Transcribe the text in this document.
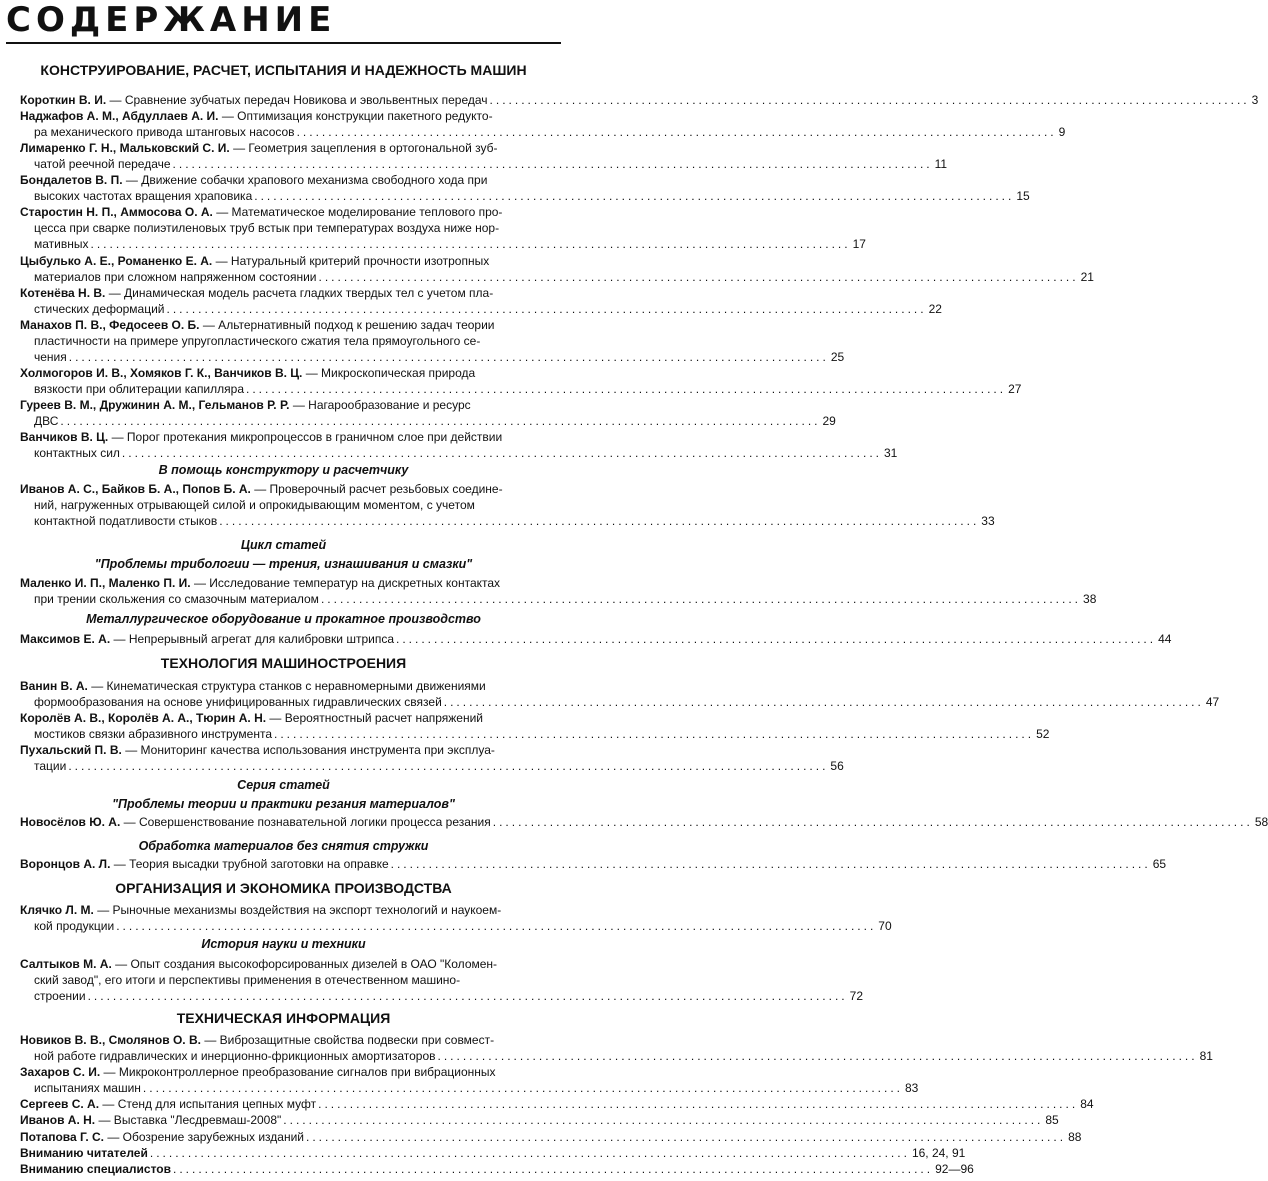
СОДЕРЖАНИЕ
КОНСТРУИРОВАНИЕ, РАСЧЕТ, ИСПЫТАНИЯ И НАДЕЖНОСТЬ МАШИН
Короткин В. И. — Сравнение зубчатых передач Новикова и эвольвентных передач ........................................................................................................................ 3
Наджафов А. М., Абдуллаев А. И. — Оптимизация конструкции пакетного редукто-
ра механического привода штанговых насосов ........................................................................................................................ 9
Лимаренко Г. Н., Мальковский С. И. — Геометрия зацепления в ортогональной зуб-
чатой реечной передаче ........................................................................................................................ 11
Бондалетов В. П. — Движение собачки храпового механизма свободного хода при
высоких частотах вращения храповика ........................................................................................................................ 15
Старостин Н. П., Аммосова О. А. — Математическое моделирование теплового про-
цесса при сварке полиэтиленовых труб встык при температурах воздуха ниже нор-
мативных ........................................................................................................................ 17
Цыбулько А. Е., Романенко Е. А. — Натуральный критерий прочности изотропных
материалов при сложном напряженном состоянии ........................................................................................................................ 21
Котенёва Н. В. — Динамическая модель расчета гладких твердых тел с учетом пла-
стических деформаций ........................................................................................................................ 22
Манахов П. В., Федосеев О. Б. — Альтернативный подход к решению задач теории
пластичности на примере упругопластического сжатия тела прямоугольного се-
чения ........................................................................................................................ 25
Холмогоров И. В., Хомяков Г. К., Ванчиков В. Ц. — Микроскопическая природа
вязкости при облитерации капилляра ........................................................................................................................ 27
Гуреев В. М., Дружинин А. М., Гельманов Р. Р. — Нагарообразование и ресурс
ДВС ........................................................................................................................ 29
Ванчиков В. Ц. — Порог протекания микропроцессов в граничном слое при действии
контактных сил ........................................................................................................................ 31
В помощь конструктору и расчетчику
Иванов А. С., Байков Б. А., Попов Б. А. — Проверочный расчет резьбовых соедине-
ний, нагруженных отрывающей силой и опрокидывающим моментом, с учетом
контактной податливости стыков ........................................................................................................................ 33
Цикл статей
"Проблемы трибологии — трения, изнашивания и смазки"
Маленко И. П., Маленко П. И. — Исследование температур на дискретных контактах
при трении скольжения со смазочным материалом ........................................................................................................................ 38
Металлургическое оборудование и прокатное производство
Максимов Е. А. — Непрерывный агрегат для калибровки штрипса ........................................................................................................................ 44
ТЕХНОЛОГИЯ МАШИНОСТРОЕНИЯ
Ванин В. А. — Кинематическая структура станков с неравномерными движениями
формообразования на основе унифицированных гидравлических связей ........................................................................................................................ 47
Королёв А. В., Королёв А. А., Тюрин А. Н. — Вероятностный расчет напряжений
мостиков связки абразивного инструмента ........................................................................................................................ 52
Пухальский П. В. — Мониторинг качества использования инструмента при эксплуа-
тации ........................................................................................................................ 56
Серия статей
"Проблемы теории и практики резания материалов"
Новосёлов Ю. А. — Совершенствование познавательной логики процесса резания ........................................................................................................................ 58
Обработка материалов без снятия стружки
Воронцов А. Л. — Теория высадки трубной заготовки на оправке ........................................................................................................................ 65
ОРГАНИЗАЦИЯ И ЭКОНОМИКА ПРОИЗВОДСТВА
Клячко Л. М. — Рыночные механизмы воздействия на экспорт технологий и наукоем-
кой продукции ........................................................................................................................ 70
История науки и техники
Салтыков М. А. — Опыт создания высокофорсированных дизелей в ОАО "Коломен-
ский завод", его итоги и перспективы применения в отечественном машино-
строении ........................................................................................................................ 72
ТЕХНИЧЕСКАЯ ИНФОРМАЦИЯ
Новиков В. В., Смолянов О. В. — Виброзащитные свойства подвески при совмест-
ной работе гидравлических и инерционно-фрикционных амортизаторов ........................................................................................................................ 81
Захаров С. И. — Микроконтроллерное преобразование сигналов при вибрационных
испытаниях машин ........................................................................................................................ 83
Сергеев С. А. — Стенд для испытания цепных муфт ........................................................................................................................ 84
Иванов А. Н. — Выставка "Лесдревмаш-2008" ........................................................................................................................ 85
Потапова Г. С. — Обозрение зарубежных изданий ........................................................................................................................ 88
Вниманию читателей ........................................................................................................................ 16, 24, 91
Вниманию специалистов ........................................................................................................................ 92—96
